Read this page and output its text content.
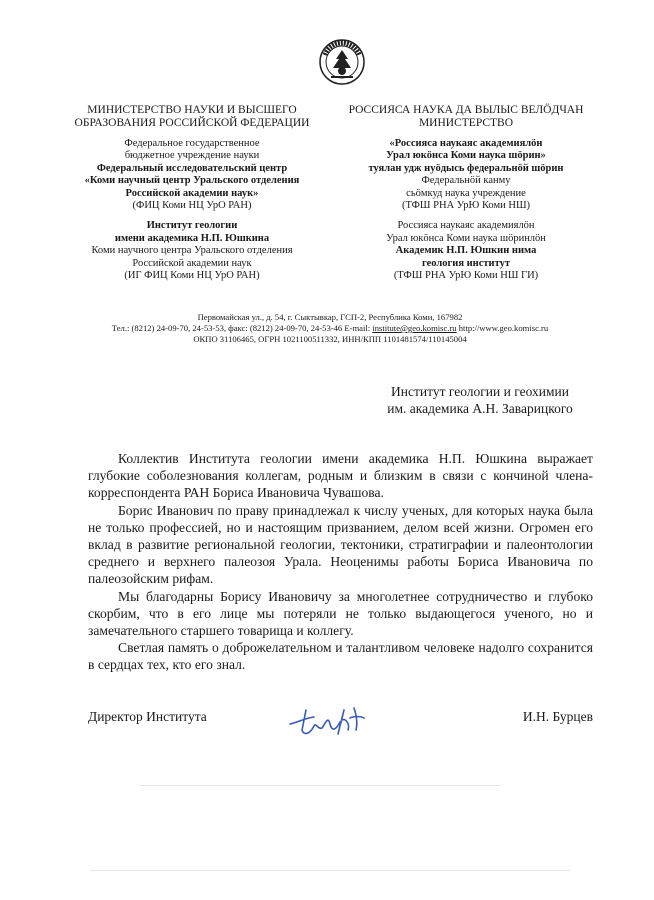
МИНИСТЕРСТВО НАУКИ И ВЫСШЕГО
ОБРАЗОВАНИЯ РОССИЙСКОЙ ФЕДЕРАЦИИ
Федеральное государственное
бюджетное учреждение науки
Федеральный исследовательский центр
«Коми научный центр Уральского отделения
Российской академии наук»
(ФИЦ Коми НЦ УрО РАН)
Институт геологии
имени академика Н.П. Юшкина
Коми научного центра Уральского отделения
Российской академии наук
(ИГ ФИЦ Коми НЦ УрО РАН)
РОССИЯСА НАУКА ДА ВЫЛЫС ВЕЛӦДЧАН
МИНИСТЕРСТВО
«Россияса наукаяс академиялӧн
Урал юкӧнса Коми наука шӧрин»
туялан удж нуӧдысь федеральнӧй шӧрин
Федеральнӧй канму
сьӧмкуд наука учреждение
(ТФШ РНА УрЮ Коми НШ)
Россияса наукаяс академиялӧн
Урал юкӧнса Коми наука шӧринлӧн
Академик Н.П. Юшкин нима
геология институт
(ТФШ РНА УрЮ Коми НШ ГИ)
Первомайская ул., д. 54, г. Сыктывкар, ГСП-2, Республика Коми, 167982
Тел.: (8212) 24-09-70, 24-53-53, факс: (8212) 24-09-70, 24-53-46 E-mail: institute@geo.komisc.ru http://www.geo.komisc.ru
ОКПО 31106465, ОГРН 1021100511332, ИНН/КПП 1101481574/110145004
Институт геологии и геохимии
им. академика А.Н. Заварицкого

Коллектив Института геологии имени академика Н.П. Юшкина выражает глубокие соболезнования коллегам, родным и близким в связи с кончиной члена-корреспондента РАН Бориса Ивановича Чувашова.

Борис Иванович по праву принадлежал к числу ученых, для которых наука была не только профессией, но и настоящим призванием, делом всей жизни. Огромен его вклад в развитие региональной геологии, тектоники, стратиграфии и палеонтологии среднего и верхнего палеозоя Урала. Неоценимы работы Бориса Ивановича по палеозойским рифам.

Мы благодарны Борису Ивановичу за многолетнее сотрудничество и глубоко скорбим, что в его лице мы потеряли не только выдающегося ученого, но и замечательного старшего товарища и коллегу.

Светлая память о доброжелательном и талантливом человеке надолго сохранится в сердцах тех, кто его знал.

Директор Института	И.Н. Бурцев
